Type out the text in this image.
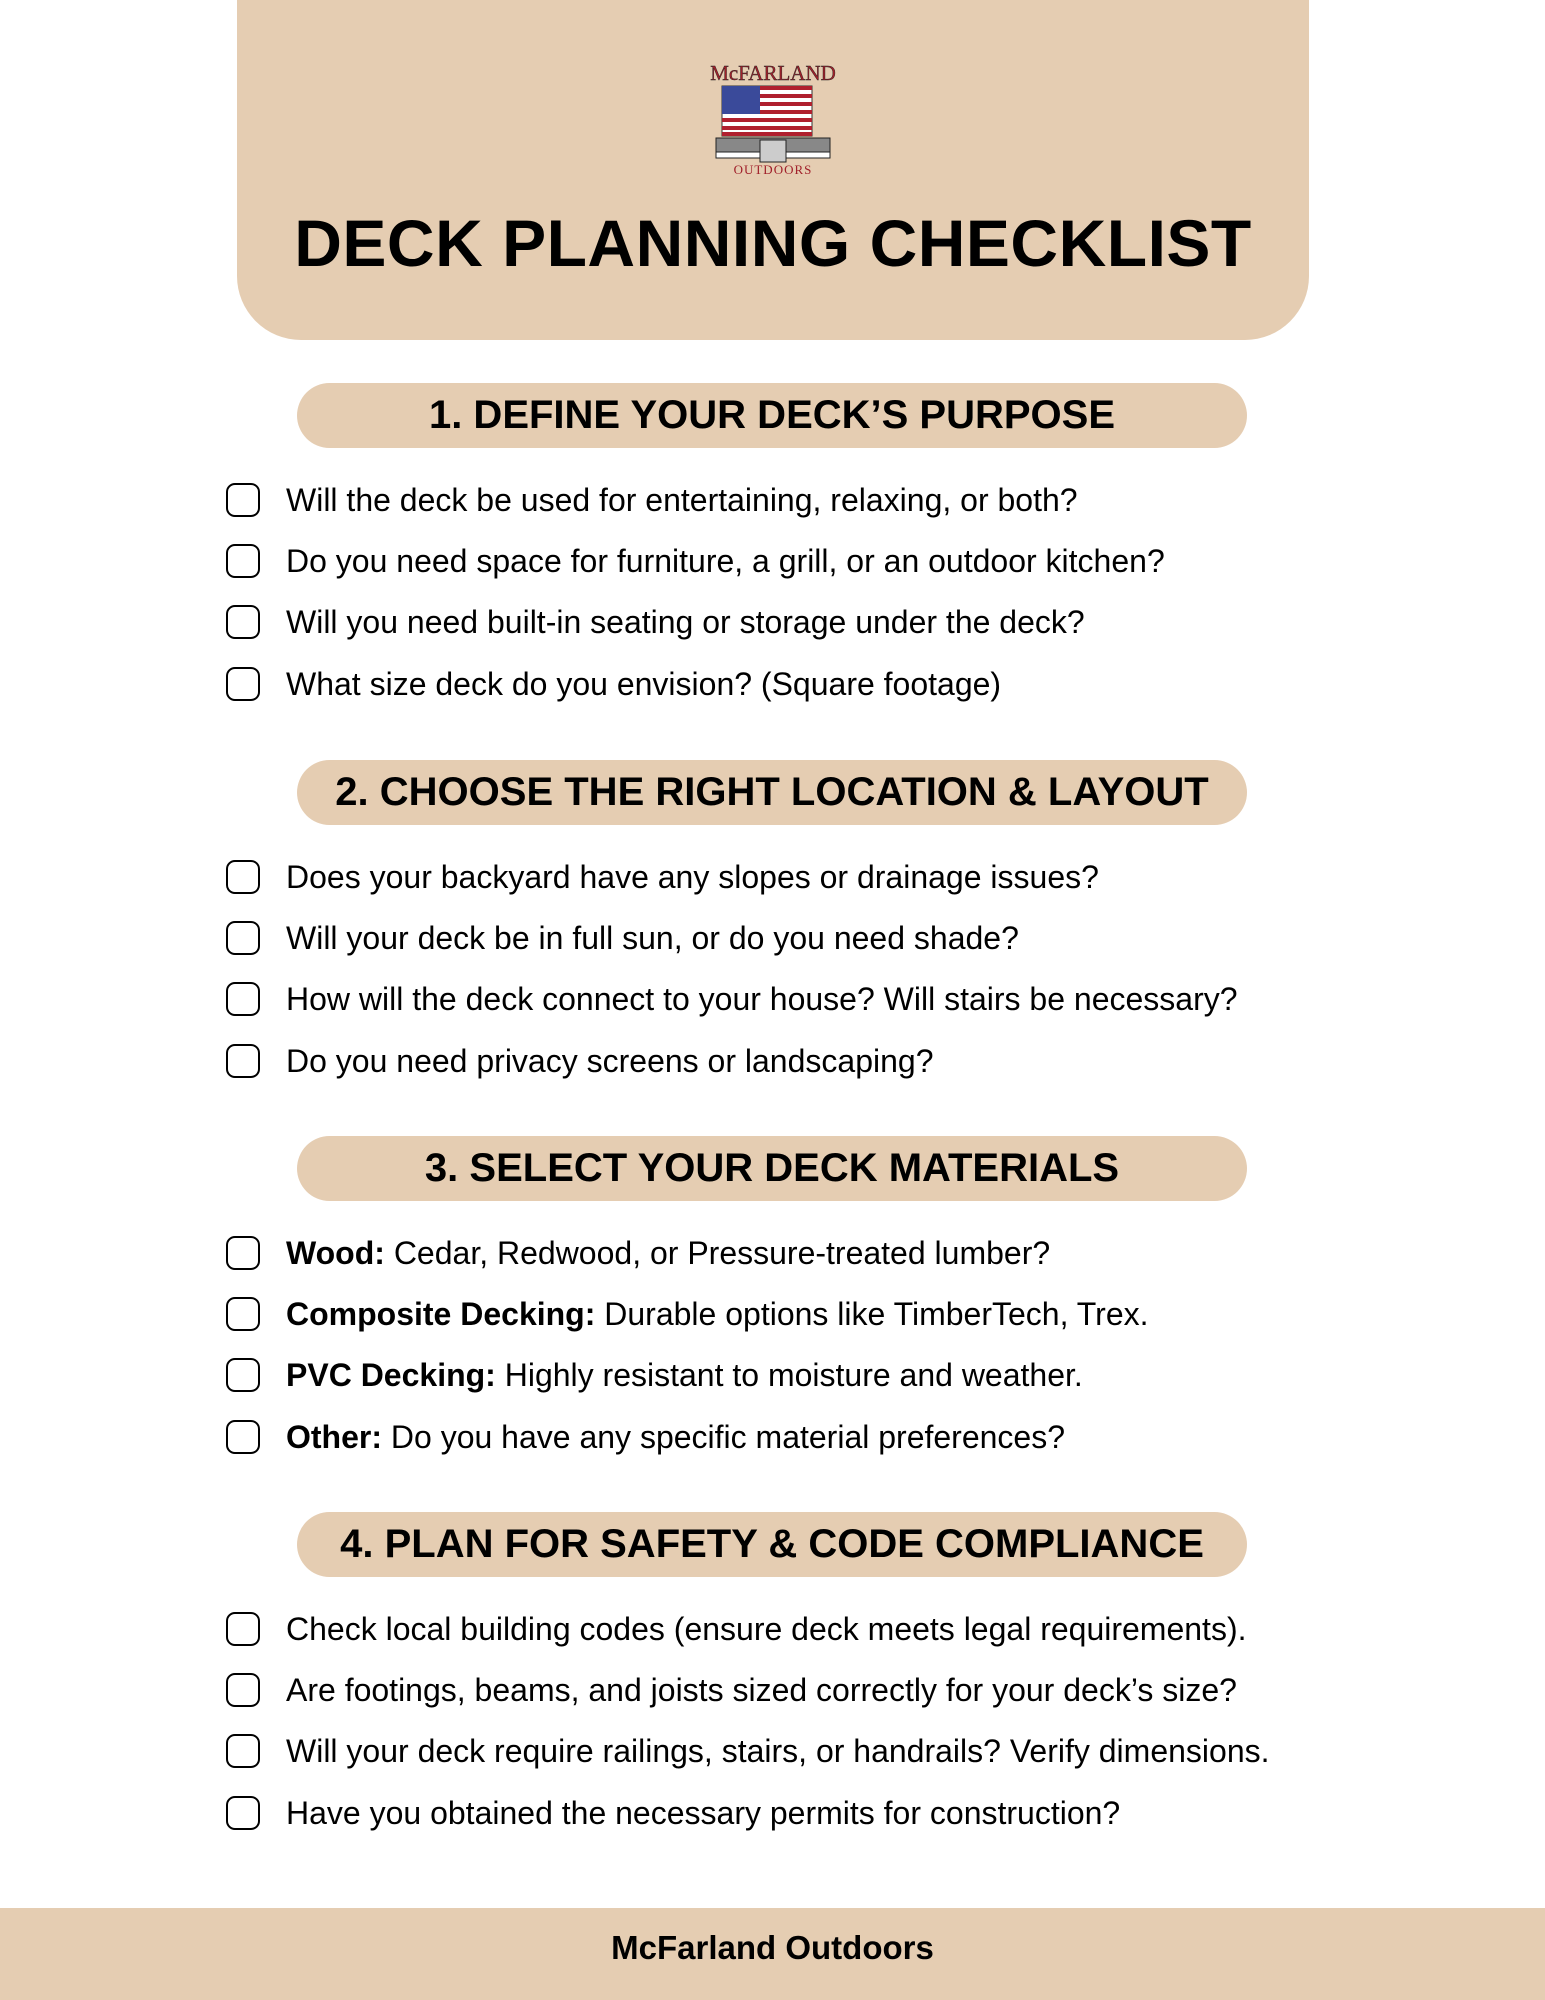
McFARLAND
OUTDOORS
DECK PLANNING CHECKLIST
1. DEFINE YOUR DECK’S PURPOSE
Will the deck be used for entertaining, relaxing, or both?
Do you need space for furniture, a grill, or an outdoor kitchen?
Will you need built-in seating or storage under the deck?
What size deck do you envision? (Square footage)
2. CHOOSE THE RIGHT LOCATION & LAYOUT
Does your backyard have any slopes or drainage issues?
Will your deck be in full sun, or do you need shade?
How will the deck connect to your house? Will stairs be necessary?
Do you need privacy screens or landscaping?
3. SELECT YOUR DECK MATERIALS
Wood: Cedar, Redwood, or Pressure-treated lumber?
Composite Decking: Durable options like TimberTech, Trex.
PVC Decking: Highly resistant to moisture and weather.
Other: Do you have any specific material preferences?
4. PLAN FOR SAFETY & CODE COMPLIANCE
Check local building codes (ensure deck meets legal requirements).
Are footings, beams, and joists sized correctly for your deck’s size?
Will your deck require railings, stairs, or handrails? Verify dimensions.
Have you obtained the necessary permits for construction?
McFarland Outdoors
